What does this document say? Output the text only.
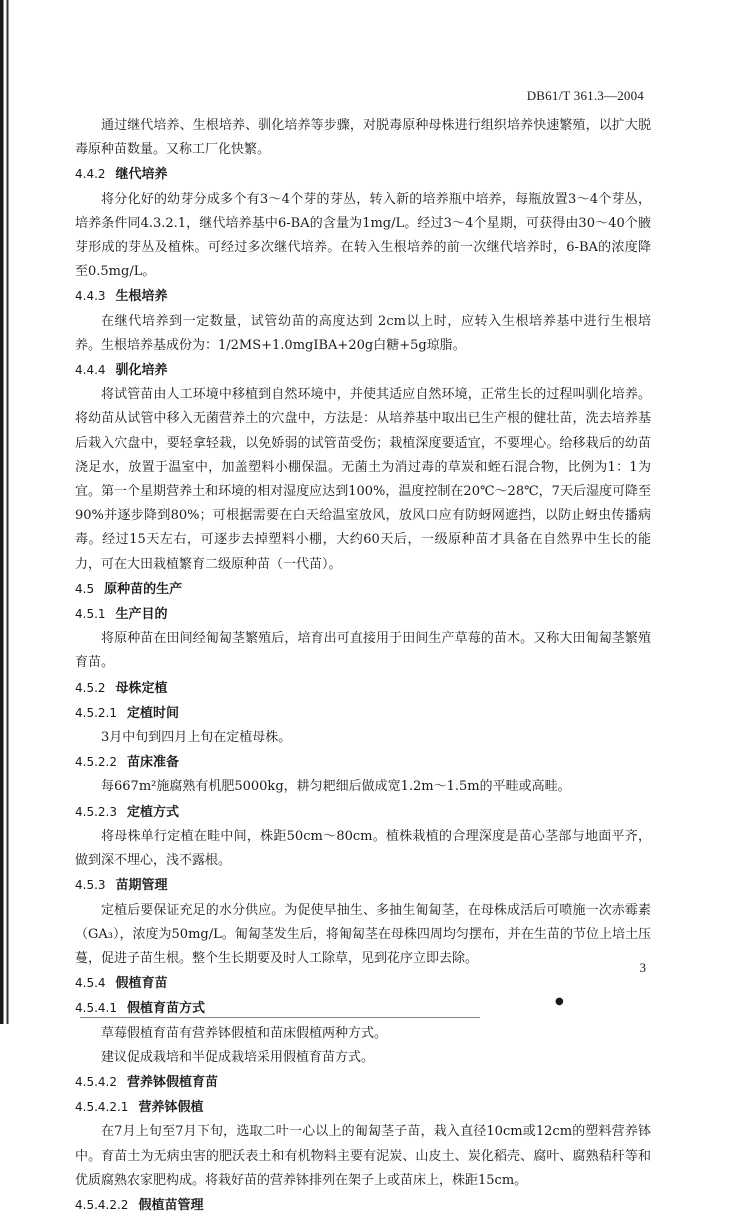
DB61/T 361.3—2004

通过继代培养、生根培养、驯化培养等步骤，对脱毒原种母株进行组织培养快速繁殖，以扩大脱毒原种苗数量。又称工厂化快繁。

4.4.2 继代培养

将分化好的幼芽分成多个有3～4个芽的芽丛，转入新的培养瓶中培养，每瓶放置3～4个芽丛，培养条件同4.3.2.1，继代培养基中6-BA的含量为1mg/L。经过3～4个星期，可获得由30～40个腋芽形成的芽丛及植株。可经过多次继代培养。在转入生根培养的前一次继代培养时，6-BA的浓度降至0.5mg/L。

4.4.3 生根培养

在继代培养到一定数量，试管幼苗的高度达到 2cm以上时，应转入生根培养基中进行生根培养。生根培养基成份为：1/2MS+1.0mgIBA+20g白糖+5g琼脂。

4.4.4 驯化培养

将试管苗由人工环境中移植到自然环境中，并使其适应自然环境，正常生长的过程叫驯化培养。将幼苗从试管中移入无菌营养土的穴盘中，方法是：从培养基中取出已生产根的健壮苗，洗去培养基后栽入穴盘中，要轻拿轻栽，以免娇弱的试管苗受伤；栽植深度要适宜，不要埋心。给移栽后的幼苗浇足水，放置于温室中，加盖塑料小棚保温。无菌土为消过毒的草炭和蛭石混合物，比例为1：1为宜。第一个星期营养土和环境的相对湿度应达到100%，温度控制在20℃～28℃，7天后湿度可降至90%并逐步降到80%；可根据需要在白天给温室放风，放风口应有防蚜网遮挡，以防止蚜虫传播病毒。经过15天左右，可逐步去掉塑料小棚，大约60天后，一级原种苗才具备在自然界中生长的能力，可在大田栽植繁育二级原种苗（一代苗）。

4.5 原种苗的生产
4.5.1 生产目的

将原种苗在田间经匍匐茎繁殖后，培育出可直接用于田间生产草莓的苗木。又称大田匍匐茎繁殖育苗。

4.5.2 母株定植
4.5.2.1 定植时间

3月中旬到四月上旬在定植母株。

4.5.2.2 苗床准备

每667m²施腐熟有机肥5000kg，耕匀耙细后做成宽1.2m～1.5m的平畦或高畦。

4.5.2.3 定植方式

将母株单行定植在畦中间，株距50cm～80cm。植株栽植的合理深度是苗心茎部与地面平齐，做到深不埋心，浅不露根。

4.5.3 苗期管理

定植后要保证充足的水分供应。为促使早抽生、多抽生匍匐茎，在母株成活后可喷施一次赤霉素（GA₃），浓度为50mg/L。匍匐茎发生后，将匍匐茎在母株四周均匀摆布，并在生苗的节位上培土压蔓，促进子苗生根。整个生长期要及时人工除草，见到花序立即去除。

4.5.4 假植育苗
4.5.4.1 假植育苗方式

草莓假植育苗有营养钵假植和苗床假植两种方式。

建议促成栽培和半促成栽培采用假植育苗方式。

4.5.4.2 营养钵假植育苗
4.5.4.2.1 营养钵假植

在7月上旬至7月下旬，选取二叶一心以上的匍匐茎子苗，栽入直径10cm或12cm的塑料营养钵中。育苗土为无病虫害的肥沃表土和有机物料主要有泥炭、山皮土、炭化稻壳、腐叶、腐熟秸秆等和优质腐熟农家肥构成。将栽好苗的营养钵排列在架子上或苗床上，株距15cm。

4.5.4.2.2 假植苗管理
3
●
